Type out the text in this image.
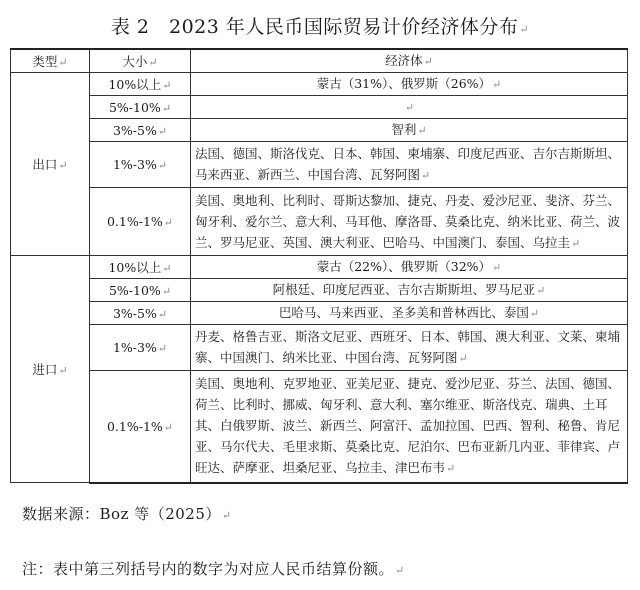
表 2　2023 年人民币国际贸易计价经济体分布↵
类型↵	大小↵	经济体↵
出口↵	10%以上↵	蒙古（31%）、俄罗斯（26%）↵
	5%-10%↵	↵
	3%-5%↵	智利↵
	1%-3%↵	法国、德国、斯洛伐克、日本、韩国、柬埔寨、印度尼西亚、吉尔吉斯斯坦、马来西亚、新西兰、中国台湾、瓦努阿图↵
	0.1%-1%↵	美国、奥地利、比利时、哥斯达黎加、捷克、丹麦、爱沙尼亚、斐济、芬兰、匈牙利、爱尔兰、意大利、马耳他、摩洛哥、莫桑比克、纳米比亚、荷兰、波兰、罗马尼亚、英国、澳大利亚、巴哈马、中国澳门、泰国、乌拉圭↵
进口↵	10%以上↵	蒙古（22%）、俄罗斯（32%）↵
	5%-10%↵	阿根廷、印度尼西亚、吉尔吉斯斯坦、罗马尼亚↵
	3%-5%↵	巴哈马、马来西亚、圣多美和普林西比、泰国↵
	1%-3%↵	丹麦、格鲁吉亚、斯洛文尼亚、西班牙、日本、韩国、澳大利亚、文莱、柬埔寨、中国澳门、纳米比亚、中国台湾、瓦努阿图↵
	0.1%-1%↵	美国、奥地利、克罗地亚、亚美尼亚、捷克、爱沙尼亚、芬兰、法国、德国、荷兰、比利时、挪威、匈牙利、意大利、塞尔维亚、斯洛伐克、瑞典、土耳其、白俄罗斯、波兰、新西兰、阿富汗、孟加拉国、巴西、智利、秘鲁、肯尼亚、马尔代夫、毛里求斯、莫桑比克、尼泊尔、巴布亚新几内亚、菲律宾、卢旺达、萨摩亚、坦桑尼亚、乌拉圭、津巴布韦↵
数据来源：Boz 等（2025）↵
注：表中第三列括号内的数字为对应人民币结算份额。↵
